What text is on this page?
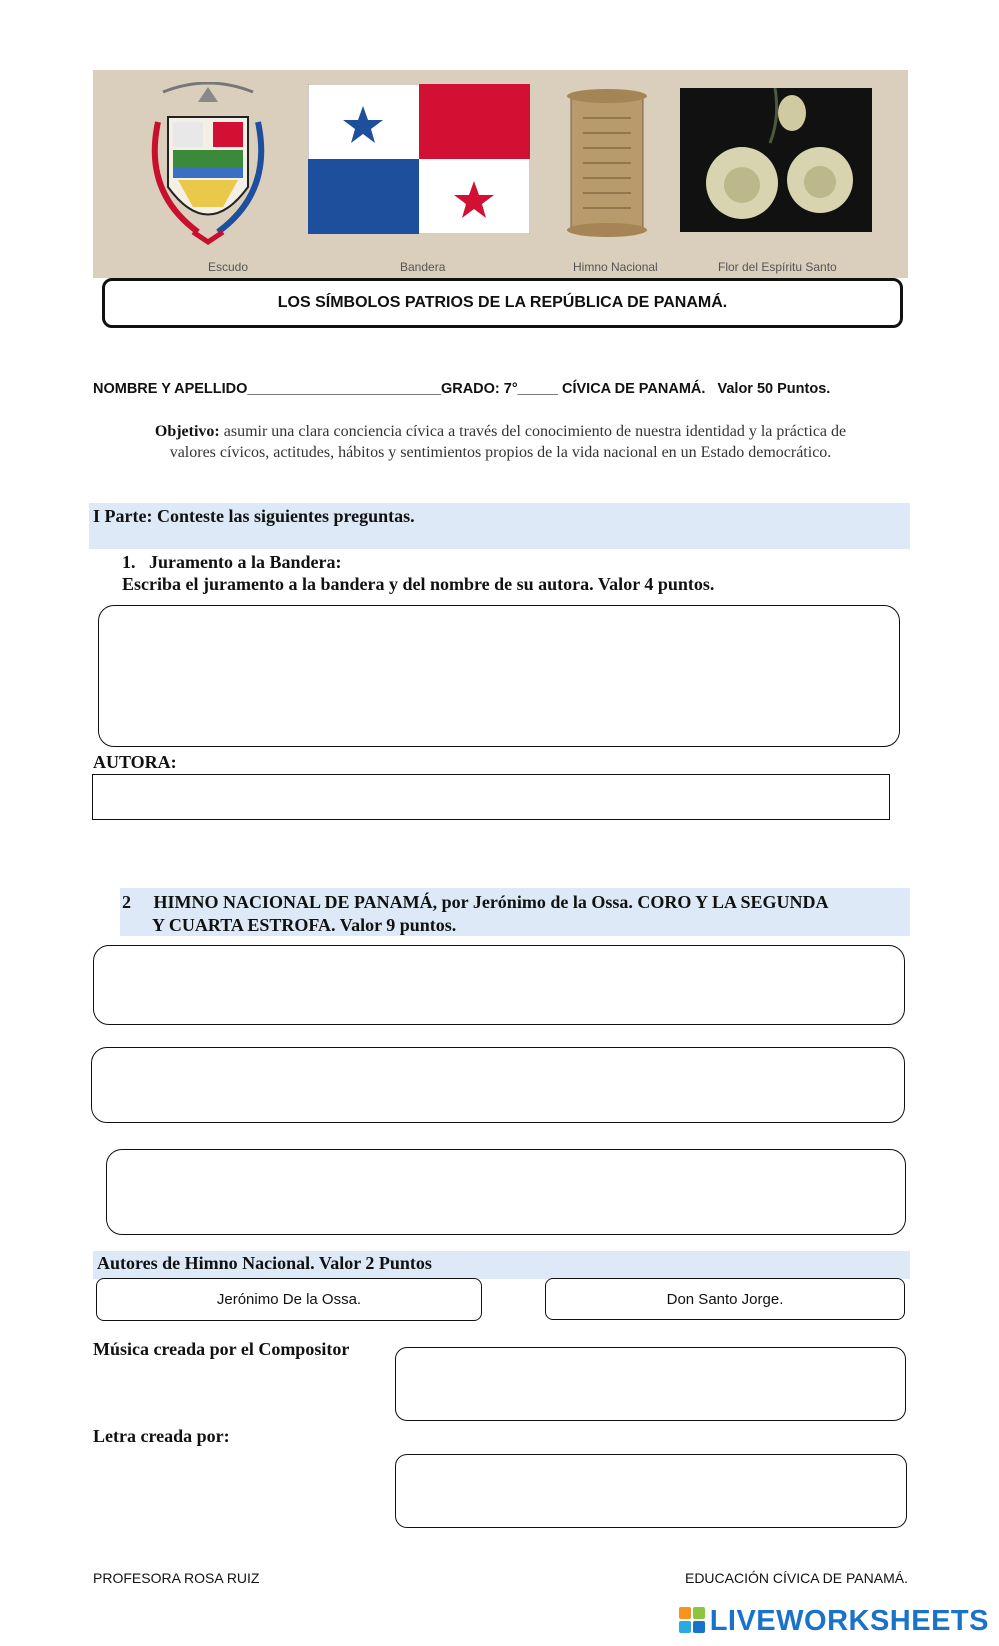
Escudo	Bandera	Himno Nacional	Flor del Espíritu Santo
LOS SÍMBOLOS PATRIOS DE LA REPÚBLICA DE PANAMÁ.
NOMBRE Y APELLIDO________________________GRADO: 7°_____ CÍVICA DE PANAMÁ.   Valor 50 Puntos.
Objetivo: asumir una clara conciencia cívica a través del conocimiento de nuestra identidad y la práctica de
valores cívicos, actitudes, hábitos y sentimientos propios de la vida nacional en un Estado democrático.
I Parte: Conteste las siguientes preguntas.
1. Juramento a la Bandera:
Escriba el juramento a la bandera y del nombre de su autora. Valor 4 puntos.
AUTORA:
2 HIMNO NACIONAL DE PANAMÁ, por Jerónimo de la Ossa. CORO Y LA SEGUNDA
Y CUARTA ESTROFA. Valor 9 puntos.
Autores de Himno Nacional. Valor 2 Puntos
Jerónimo De la Ossa.	Don Santo Jorge.
Música creada por el Compositor
Letra creada por:
PROFESORA ROSA RUIZ	EDUCACIÓN CÍVICA DE PANAMÁ.
LIVEWORKSHEETS
